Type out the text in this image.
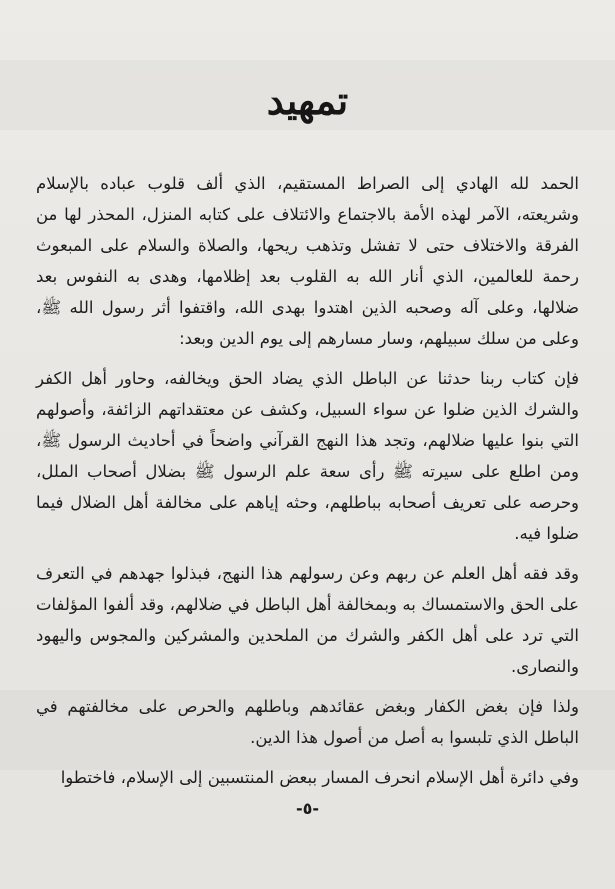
تمهيد

الحمد لله الهادي إلى الصراط المستقيم، الذي ألف قلوب عباده بالإسلام وشريعته، الآمر لهذه الأمة بالاجتماع والائتلاف على كتابه المنزل، المحذر لها من الفرقة والاختلاف حتى لا تفشل وتذهب ريحها، والصلاة والسلام على المبعوث رحمة للعالمين، الذي أنار الله به القلوب بعد إظلامها، وهدى به النفوس بعد ضلالها، وعلى آله وصحبه الذين اهتدوا بهدى الله، واقتفوا أثر رسول الله ﷺ، وعلى من سلك سبيلهم، وسار مسارهم إلى يوم الدين وبعد:

فإن كتاب ربنا حدثنا عن الباطل الذي يضاد الحق ويخالفه، وحاور أهل الكفر والشرك الذين ضلوا عن سواء السبيل، وكشف عن معتقداتهم الزائفة، وأصولهم التي بنوا عليها ضلالهم، وتجد هذا النهج القرآني واضحاً في أحاديث الرسول ﷺ، ومن اطلع على سيرته ﷺ رأى سعة علم الرسول ﷺ بضلال أصحاب الملل، وحرصه على تعريف أصحابه بباطلهم، وحثه إياهم على مخالفة أهل الضلال فيما ضلوا فيه.

وقد فقه أهل العلم عن ربهم وعن رسولهم هذا النهج، فبذلوا جهدهم في التعرف على الحق والاستمساك به وبمخالفة أهل الباطل في ضلالهم، وقد ألفوا المؤلفات التي ترد على أهل الكفر والشرك من الملحدين والمشركين والمجوس واليهود والنصارى.

ولذا فإن بغض الكفار وبغض عقائدهم وباطلهم والحرص على مخالفتهم في الباطل الذي تلبسوا به أصل من أصول هذا الدين.

وفي دائرة أهل الإسلام انحرف المسار ببعض المنتسبين إلى الإسلام، فاختطوا

-٥-
